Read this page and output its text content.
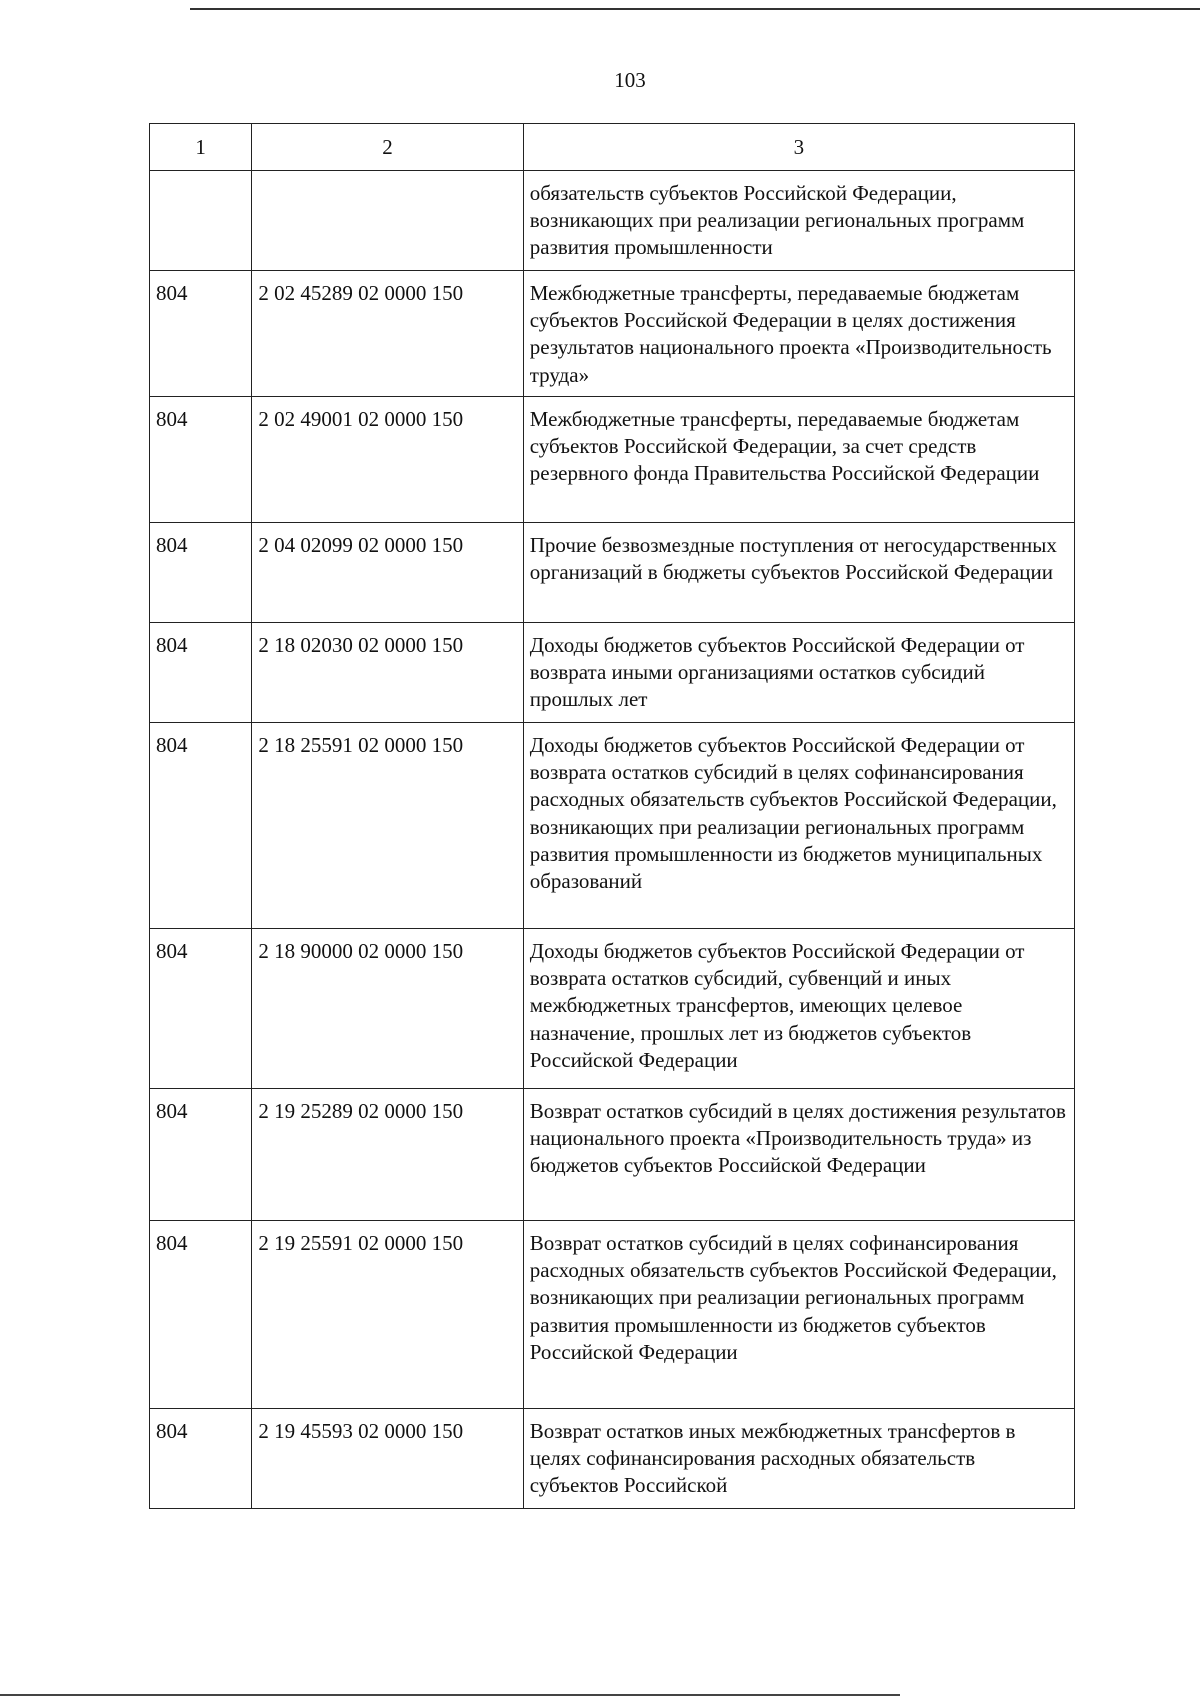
103
1	2	3
		обязательств субъектов Российской Федерации, возникающих при реализации региональных программ развития промышленности
804	2 02 45289 02 0000 150	Межбюджетные трансферты, передаваемые бюджетам субъектов Российской Федерации в целях достижения результатов национального проекта «Производительность труда»
804	2 02 49001 02 0000 150	Межбюджетные трансферты, передаваемые бюджетам субъектов Российской Федерации, за счет средств резервного фонда Правительства Российской Федерации
804	2 04 02099 02 0000 150	Прочие безвозмездные поступления от негосударственных организаций в бюджеты субъектов Российской Федерации
804	2 18 02030 02 0000 150	Доходы бюджетов субъектов Российской Федерации от возврата иными организациями остатков субсидий прошлых лет
804	2 18 25591 02 0000 150	Доходы бюджетов субъектов Российской Федерации от возврата остатков субсидий в целях софинансирования расходных обязательств субъектов Российской Федерации, возникающих при реализации региональных программ развития промышленности из бюджетов муниципальных образований
804	2 18 90000 02 0000 150	Доходы бюджетов субъектов Российской Федерации от возврата остатков субсидий, субвенций и иных межбюджетных трансфертов, имеющих целевое назначение, прошлых лет из бюджетов субъектов Российской Федерации
804	2 19 25289 02 0000 150	Возврат остатков субсидий в целях достижения результатов национального проекта «Производительность труда» из бюджетов субъектов Российской Федерации
804	2 19 25591 02 0000 150	Возврат остатков субсидий в целях софинансирования расходных обязательств субъектов Российской Федерации, возникающих при реализации региональных программ развития промышленности из бюджетов субъектов Российской Федерации
804	2 19 45593 02 0000 150	Возврат остатков иных межбюджетных трансфертов в целях софинансирования расходных обязательств субъектов Российской
